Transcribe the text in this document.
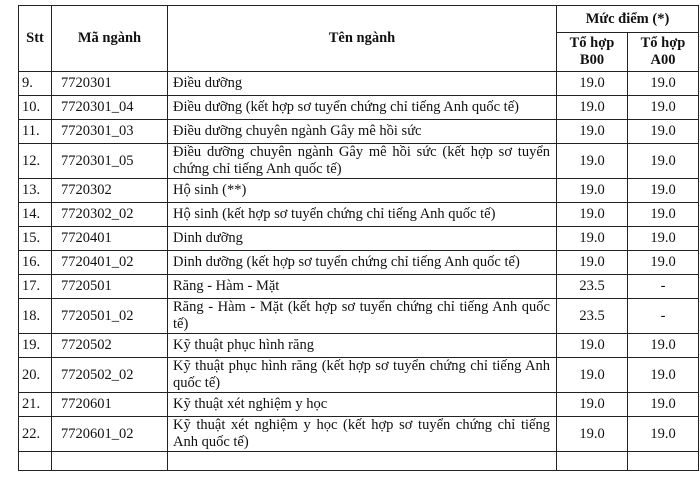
Stt	Mã ngành	Tên ngành	Mức điểm (*)	
			Tổ hợp B00	Tổ hợp A00
9.	7720301	Điều dưỡng	19.0	19.0
10.	7720301_04	Điều dưỡng (kết hợp sơ tuyển chứng chỉ tiếng Anh quốc tế)	19.0	19.0
11.	7720301_03	Điều dưỡng chuyên ngành Gây mê hồi sức	19.0	19.0
12.	7720301_05	Điều dưỡng chuyên ngành Gây mê hồi sức (kết hợp sơ tuyển chứng chỉ tiếng Anh quốc tế)	19.0	19.0
13.	7720302	Hộ sinh (**)	19.0	19.0
14.	7720302_02	Hộ sinh (kết hợp sơ tuyển chứng chỉ tiếng Anh quốc tế)	19.0	19.0
15.	7720401	Dinh dưỡng	19.0	19.0
16.	7720401_02	Dinh dưỡng (kết hợp sơ tuyển chứng chỉ tiếng Anh quốc tế)	19.0	19.0
17.	7720501	Răng - Hàm - Mặt	23.5	-
18.	7720501_02	Răng - Hàm - Mặt (kết hợp sơ tuyển chứng chỉ tiếng Anh quốc tế)	23.5	-
19.	7720502	Kỹ thuật phục hình răng	19.0	19.0
20.	7720502_02	Kỹ thuật phục hình răng (kết hợp sơ tuyển chứng chỉ tiếng Anh quốc tế)	19.0	19.0
21.	7720601	Kỹ thuật xét nghiệm y học	19.0	19.0
22.	7720601_02	Kỹ thuật xét nghiệm y học (kết hợp sơ tuyển chứng chỉ tiếng Anh quốc tế)	19.0	19.0
